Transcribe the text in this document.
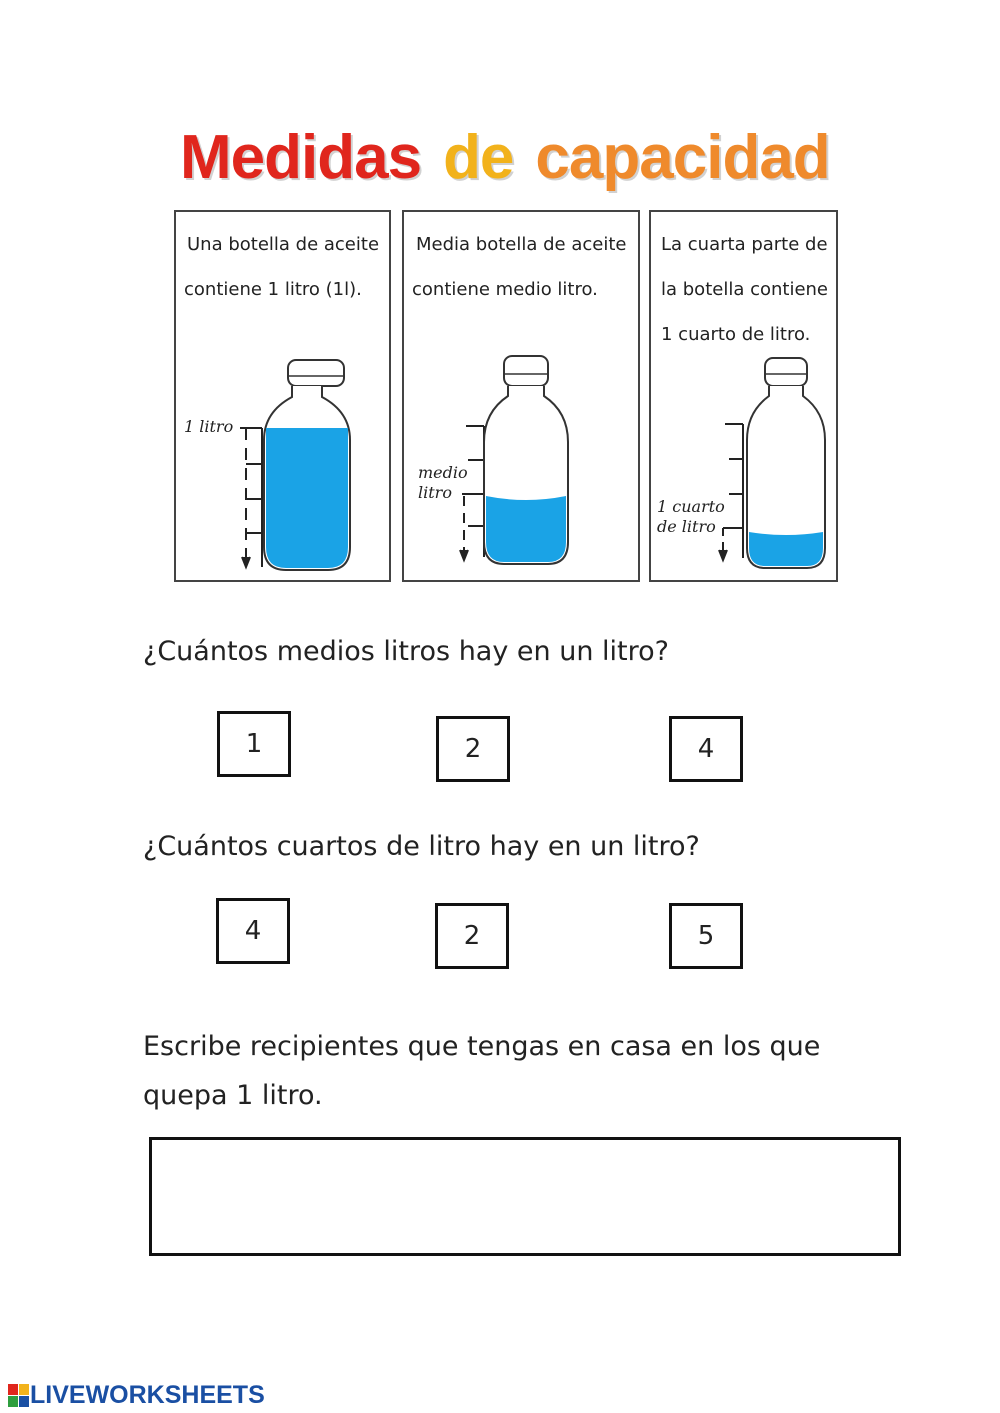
Medidas de capacidad
1 litro
Una botella de aceite
contiene 1 litro (1l).
medio
litro
Media botella de aceite
contiene medio litro.
1 cuarto
de litro
La cuarta parte de
la botella contiene
1 cuarto de litro.
¿Cuántos medios litros hay en un litro?
1	2	4
¿Cuántos cuartos de litro hay en un litro?
4	2	5
Escribe recipientes que tengas en casa en los que
quepa 1 litro.
LIVEWORKSHEETS
